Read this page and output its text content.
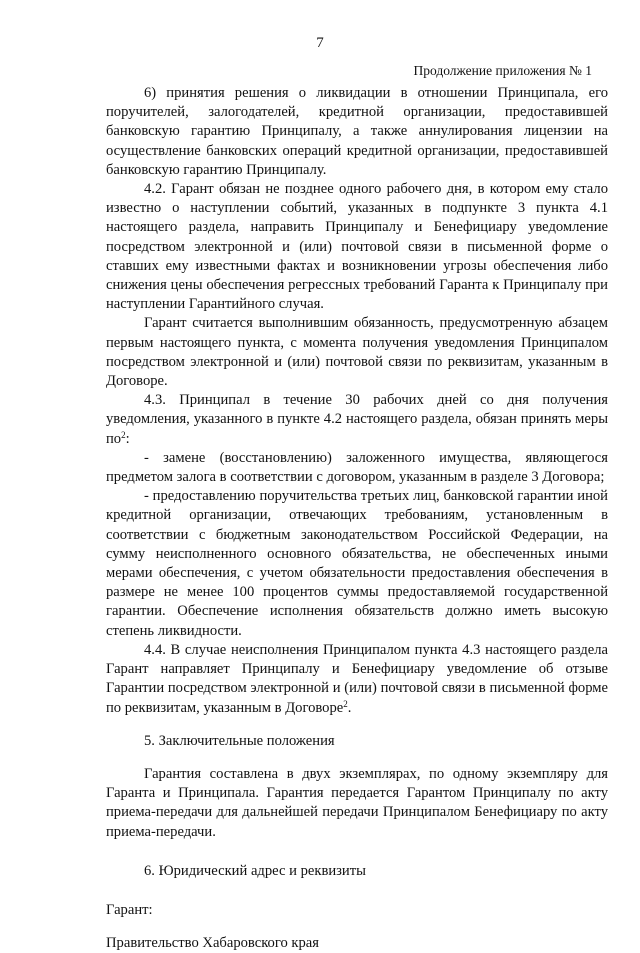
7
Продолжение приложения № 1

6) принятия решения о ликвидации в отношении Принципала, его поручителей, залогодателей, кредитной организации, предоставившей банковскую гарантию Принципалу, а также аннулирования лицензии на осуществление банковских операций кредитной организации, предоставившей банковскую гарантию Принципалу.

4.2. Гарант обязан не позднее одного рабочего дня, в котором ему стало известно о наступлении событий, указанных в подпункте 3 пункта 4.1 настоящего раздела, направить Принципалу и Бенефициару уведомление посредством электронной и (или) почтовой связи в письменной форме о ставших ему известными фактах и возникновении угрозы обеспечения либо снижения цены обеспечения регрессных требований Гаранта к Принципалу при наступлении Гарантийного случая.

Гарант считается выполнившим обязанность, предусмотренную абзацем первым настоящего пункта, с момента получения уведомления Принципалом посредством электронной и (или) почтовой связи по реквизитам, указанным в Договоре.

4.3. Принципал в течение 30 рабочих дней со дня получения уведомления, указанного в пункте 4.2 настоящего раздела, обязан принять меры $по^2$:

- замене (восстановлению) заложенного имущества, являющегося предметом залога в соответствии с договором, указанным в разделе 3 Договора;

- предоставлению поручительства третьих лиц, банковской гарантии иной кредитной организации, отвечающих требованиям, установленным в соответствии с бюджетным законодательством Российской Федерации, на сумму неисполненного основного обязательства, не обеспеченных иными мерами обеспечения, с учетом обязательности предоставления обеспечения в размере не менее 100 процентов суммы предоставляемой государственной гарантии. Обеспечение исполнения обязательств должно иметь высокую степень ликвидности.

4.4. В случае неисполнения Принципалом пункта 4.3 настоящего раздела Гарант направляет Принципалу и Бенефициару уведомление об отзыве Гарантии посредством электронной и (или) почтовой связи в письменной форме по реквизитам, указанным в Договоре$^2$.

5. Заключительные положения

Гарантия составлена в двух экземплярах, по одному экземпляру для Гаранта и Принципала. Гарантия передается Гарантом Принципалу по акту приема-передачи для дальнейшей передачи Принципалом Бенефициару по акту приема-передачи.

6. Юридический адрес и реквизиты

Гарант:

Правительство Хабаровского края
